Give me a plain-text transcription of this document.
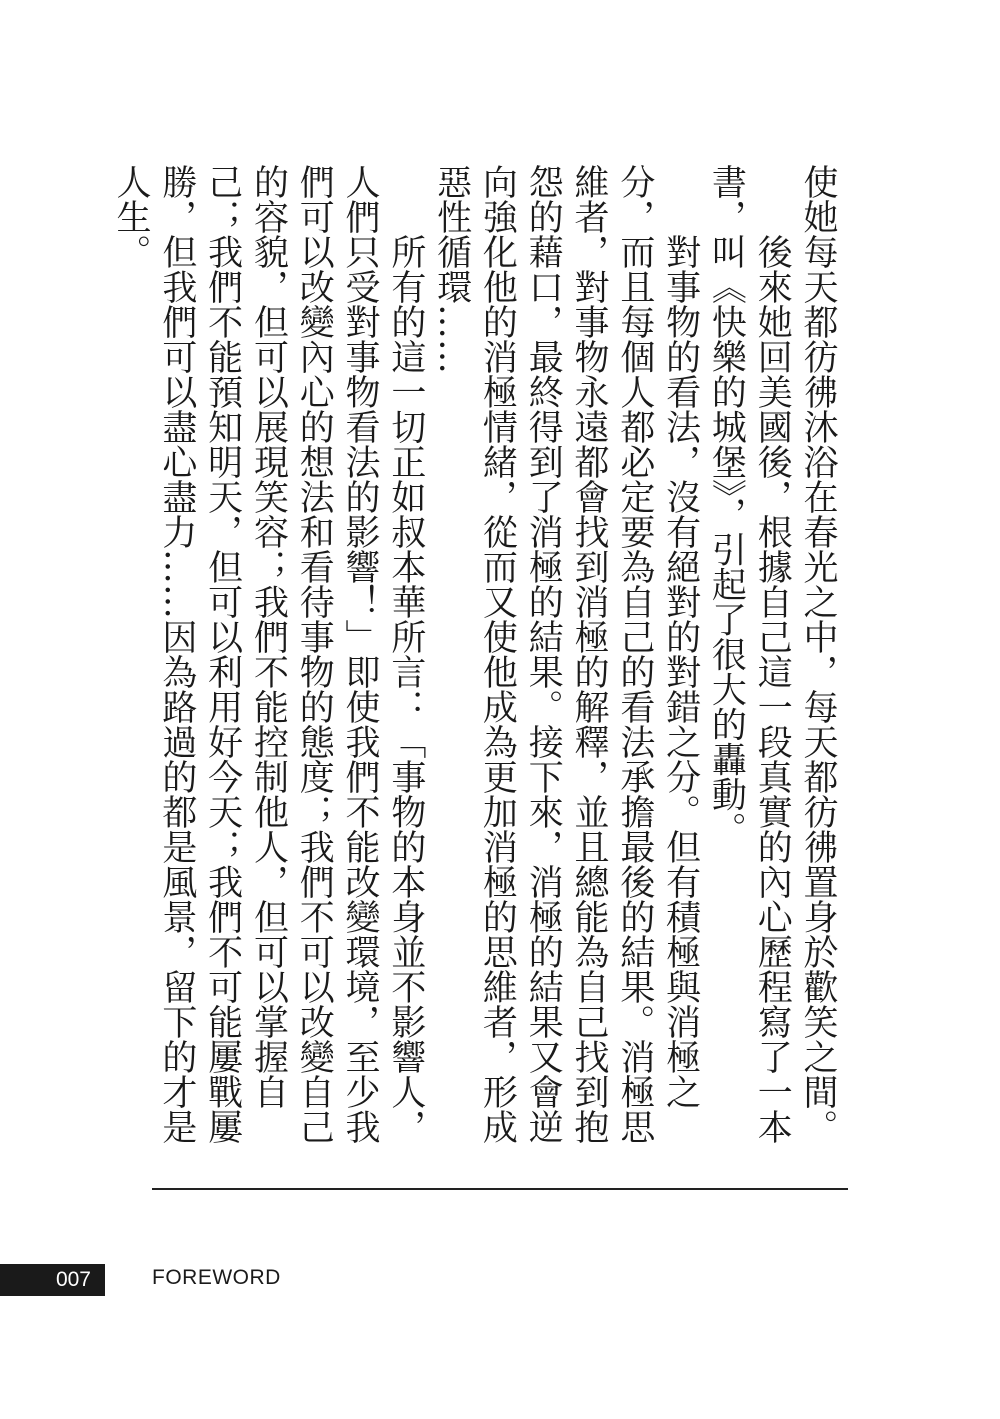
使她每天都彷彿沐浴在春光之中，每天都彷彿置身於歡笑之間。

後來她回美國後，根據自己這一段真實的內心歷程寫了一本書，叫《快樂的城堡》，引起了很大的轟動。

對事物的看法，沒有絕對的對錯之分。但有積極與消極之分，而且每個人都必定要為自己的看法承擔最後的結果。消極思維者，對事物永遠都會找到消極的解釋，並且總能為自己找到抱怨的藉口，最終得到了消極的結果。接下來，消極的結果又會逆向強化他的消極情緒，從而又使他成為更加消極的思維者，形成惡性循環……

所有的這一切正如叔本華所言：「事物的本身並不影響人，人們只受對事物看法的影響！」即使我們不能改變環境，至少我們可以改變內心的想法和看待事物的態度；我們不可以改變自己的容貌，但可以展現笑容；我們不能控制他人，但可以掌握自己；我們不能預知明天，但可以利用好今天；我們不可能屢戰屢勝，但我們可以盡心盡力……因為路過的都是風景，留下的才是人生。

007	FOREWORD
